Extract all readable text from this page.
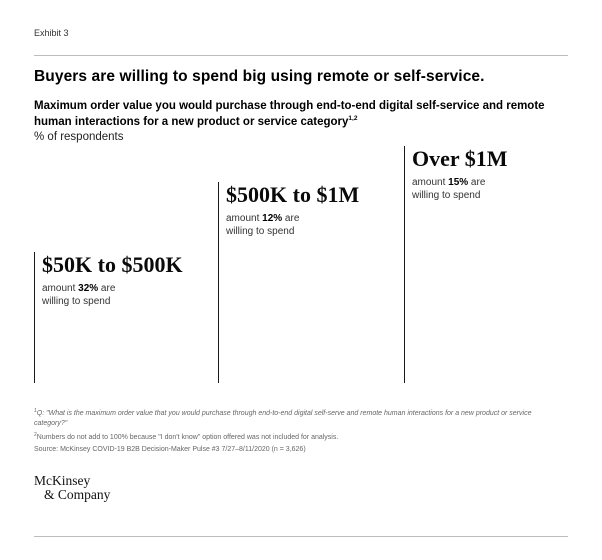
Exhibit 3
Buyers are willing to spend big using remote or self-service.
Maximum order value you would purchase through end-to-end digital self-service and remote human interactions for a new product or service category$^{1,2}$
% of respondents
$50K to $500K
amount 32% are
willing to spend
$500K to $1M
amount 12% are
willing to spend
Over $1M
amount 15% are
willing to spend
$^1$Q: "What is the maximum order value that you would purchase through end-to-end digital self-serve and remote human interactions for a new product or service category?"
$^2$Numbers do not add to 100% because "I don't know" option offered was not included for analysis.
Source: McKinsey COVID-19 B2B Decision-Maker Pulse #3 7/27–8/11/2020 (n = 3,626)
McKinsey
& Company
